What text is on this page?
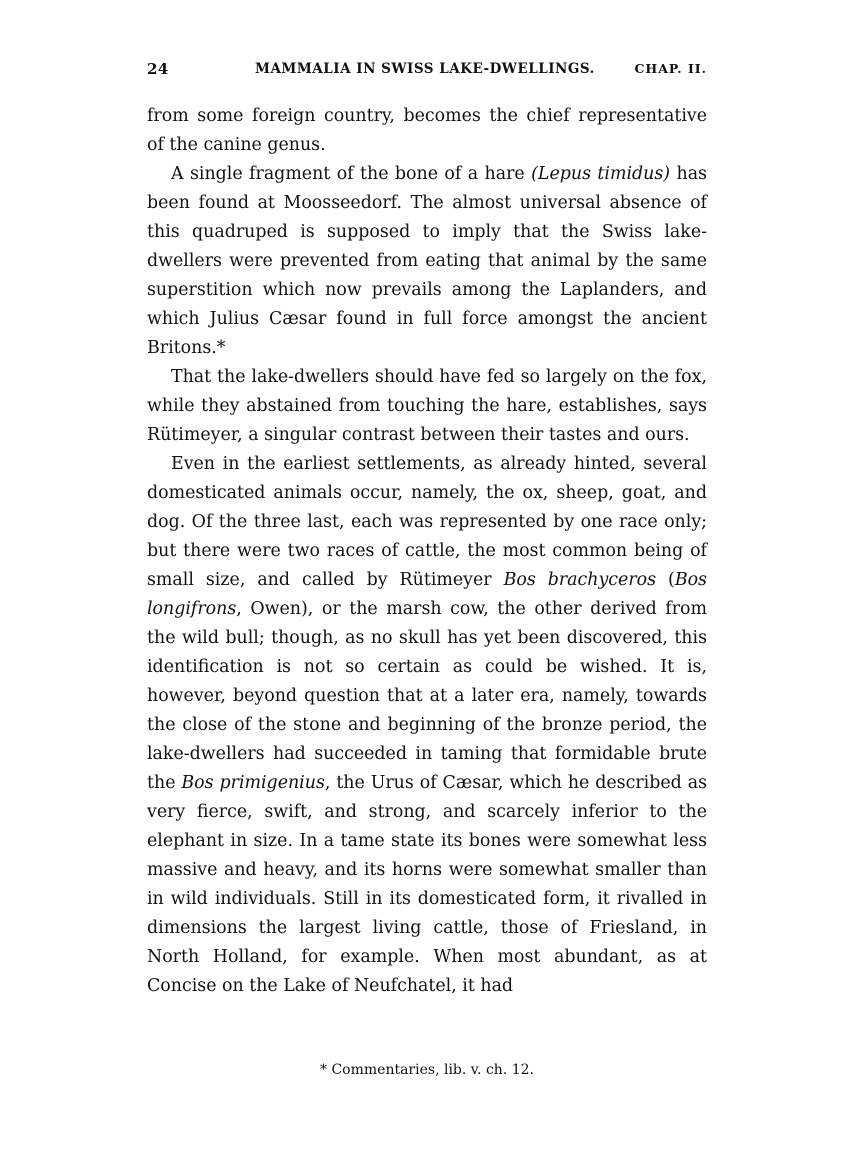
24	MAMMALIA IN SWISS LAKE-DWELLINGS.	CHAP. II.

from some foreign country, becomes the chief representative of the canine genus.

A single fragment of the bone of a hare (Lepus timidus) has been found at Moosseedorf. The almost universal absence of this quadruped is supposed to imply that the Swiss lake-dwellers were prevented from eating that animal by the same superstition which now prevails among the Laplanders, and which Julius Cæsar found in full force amongst the ancient Britons.*

That the lake-dwellers should have fed so largely on the fox, while they abstained from touching the hare, establishes, says Rütimeyer, a singular contrast between their tastes and ours.

Even in the earliest settlements, as already hinted, several domesticated animals occur, namely, the ox, sheep, goat, and dog. Of the three last, each was represented by one race only; but there were two races of cattle, the most common being of small size, and called by Rütimeyer Bos brachyceros (Bos longifrons, Owen), or the marsh cow, the other derived from the wild bull; though, as no skull has yet been discovered, this identification is not so certain as could be wished. It is, however, beyond question that at a later era, namely, towards the close of the stone and beginning of the bronze period, the lake-dwellers had succeeded in taming that formidable brute the Bos primigenius, the Urus of Cæsar, which he described as very fierce, swift, and strong, and scarcely inferior to the elephant in size. In a tame state its bones were somewhat less massive and heavy, and its horns were somewhat smaller than in wild individuals. Still in its domesticated form, it rivalled in dimensions the largest living cattle, those of Friesland, in North Holland, for example. When most abundant, as at Concise on the Lake of Neufchatel, it had

* Commentaries, lib. v. ch. 12.
